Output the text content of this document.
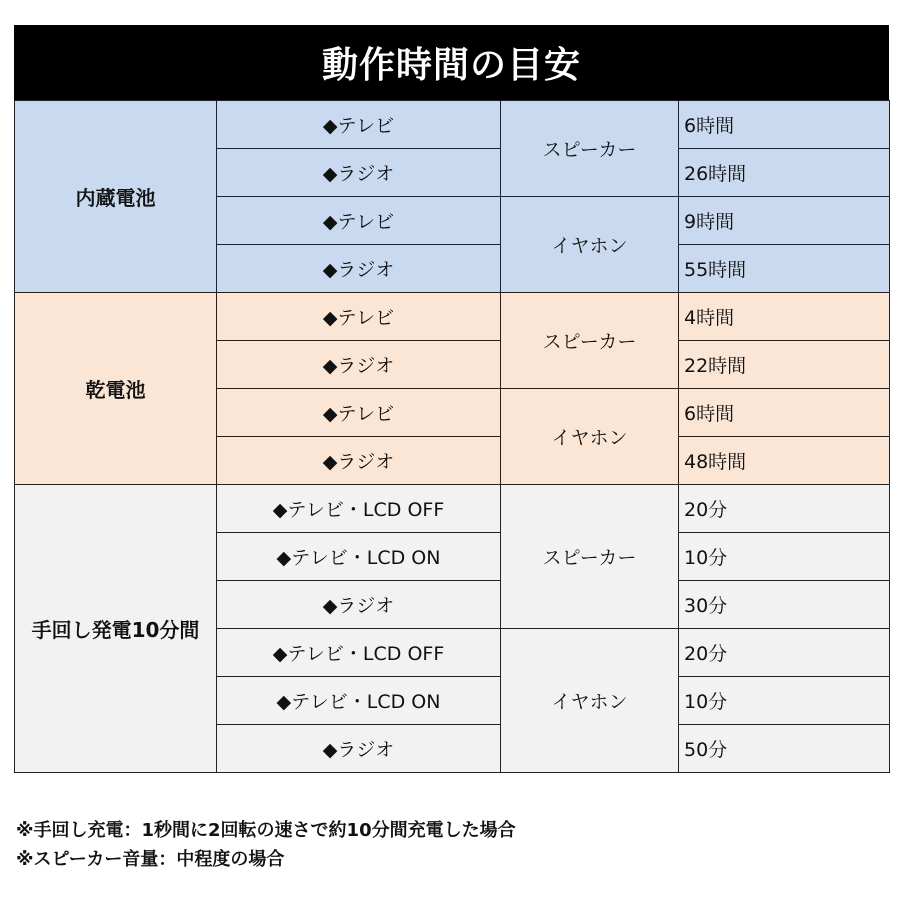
動作時間の目安
内蔵電池	◆テレビ	スピーカー	6時間
	◆ラジオ		26時間
	◆テレビ	イヤホン	9時間
	◆ラジオ		55時間
乾電池	◆テレビ	スピーカー	4時間
	◆ラジオ		22時間
	◆テレビ	イヤホン	6時間
	◆ラジオ		48時間
手回し発電10分間	◆テレビ・LCD OFF	スピーカー	20分
	◆テレビ・LCD ON		10分
	◆ラジオ		30分
	◆テレビ・LCD OFF	イヤホン	20分
	◆テレビ・LCD ON		10分
	◆ラジオ		50分
※手回し充電：1秒間に2回転の速さで約10分間充電した場合
※スピーカー音量：中程度の場合
